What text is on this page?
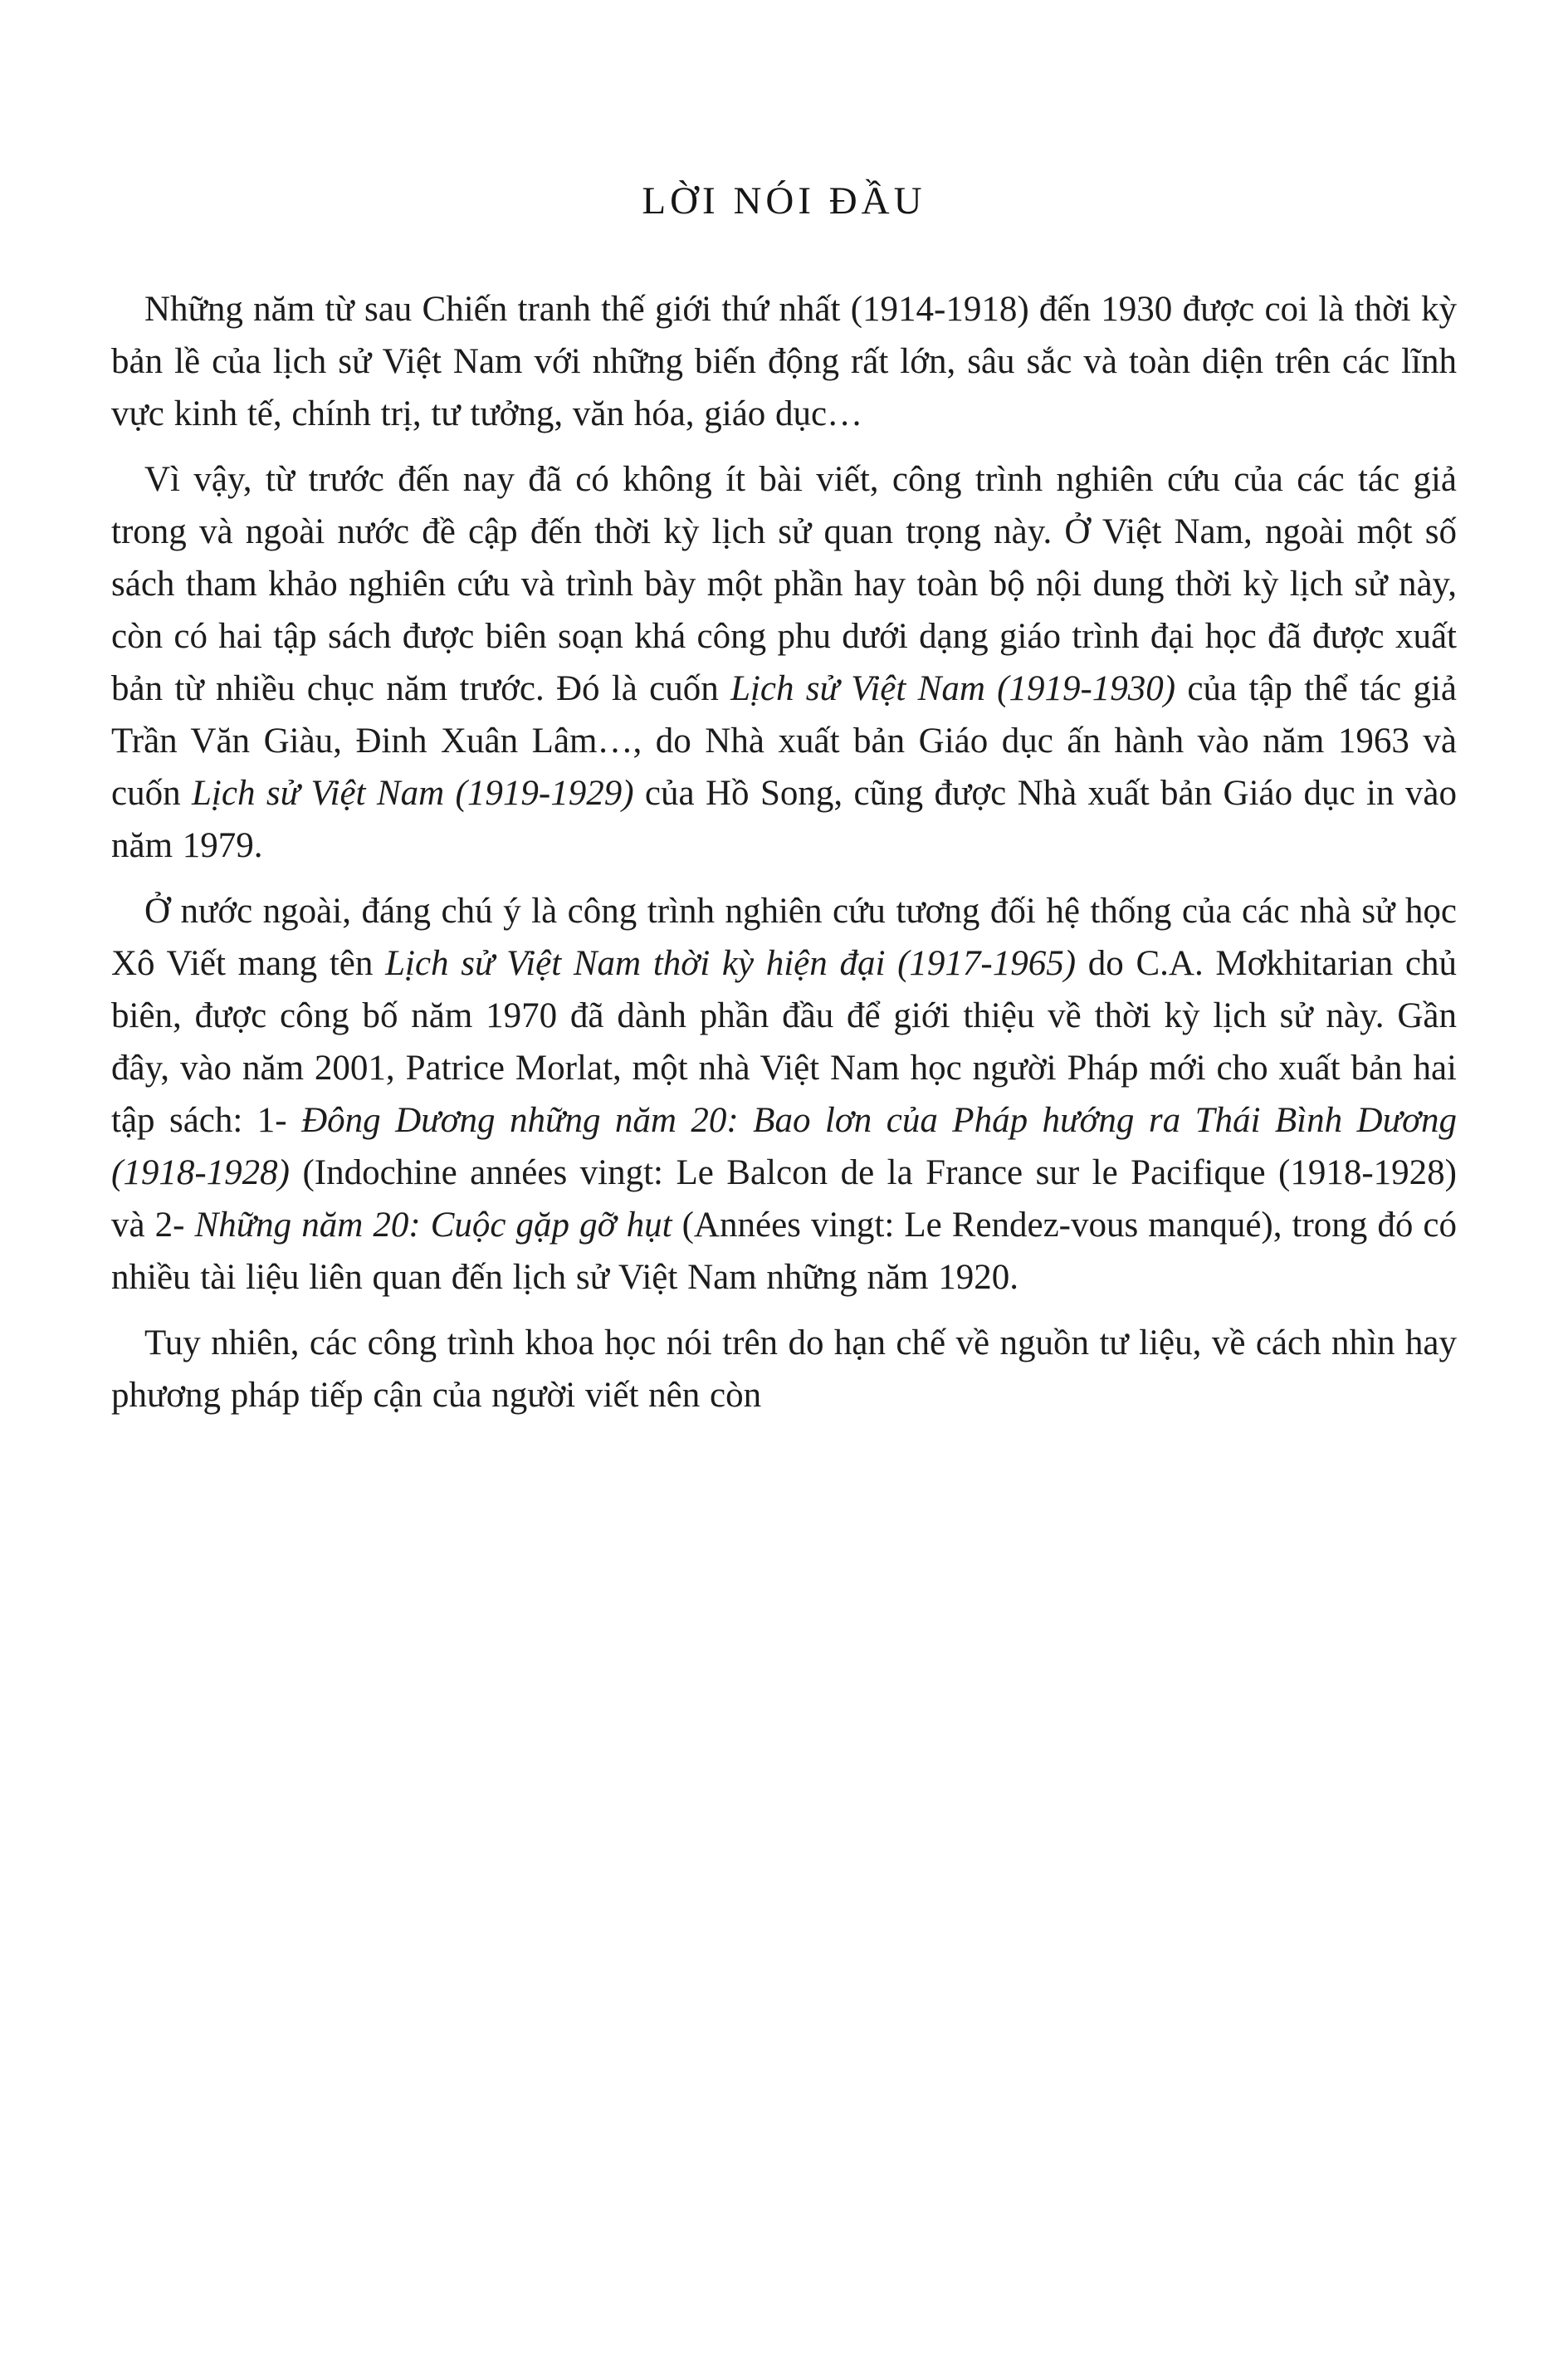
LỜI NÓI ĐẦU

Những năm từ sau Chiến tranh thế giới thứ nhất (1914-1918) đến 1930 được coi là thời kỳ bản lề của lịch sử Việt Nam với những biến động rất lớn, sâu sắc và toàn diện trên các lĩnh vực kinh tế, chính trị, tư tưởng, văn hóa, giáo dục…

Vì vậy, từ trước đến nay đã có không ít bài viết, công trình nghiên cứu của các tác giả trong và ngoài nước đề cập đến thời kỳ lịch sử quan trọng này. Ở Việt Nam, ngoài một số sách tham khảo nghiên cứu và trình bày một phần hay toàn bộ nội dung thời kỳ lịch sử này, còn có hai tập sách được biên soạn khá công phu dưới dạng giáo trình đại học đã được xuất bản từ nhiều chục năm trước. Đó là cuốn Lịch sử Việt Nam (1919-1930) của tập thể tác giả Trần Văn Giàu, Đinh Xuân Lâm…, do Nhà xuất bản Giáo dục ấn hành vào năm 1963 và cuốn Lịch sử Việt Nam (1919-1929) của Hồ Song, cũng được Nhà xuất bản Giáo dục in vào năm 1979.

Ở nước ngoài, đáng chú ý là công trình nghiên cứu tương đối hệ thống của các nhà sử học Xô Viết mang tên Lịch sử Việt Nam thời kỳ hiện đại (1917-1965) do C.A. Mơkhitarian chủ biên, được công bố năm 1970 đã dành phần đầu để giới thiệu về thời kỳ lịch sử này. Gần đây, vào năm 2001, Patrice Morlat, một nhà Việt Nam học người Pháp mới cho xuất bản hai tập sách: 1- Đông Dương những năm 20: Bao lơn của Pháp hướng ra Thái Bình Dương (1918-1928) (Indochine années vingt: Le Balcon de la France sur le Pacifique (1918-1928) và 2- Những năm 20: Cuộc gặp gỡ hụt (Années vingt: Le Rendez-vous manqué), trong đó có nhiều tài liệu liên quan đến lịch sử Việt Nam những năm 1920.

Tuy nhiên, các công trình khoa học nói trên do hạn chế về nguồn tư liệu, về cách nhìn hay phương pháp tiếp cận của người viết nên còn
